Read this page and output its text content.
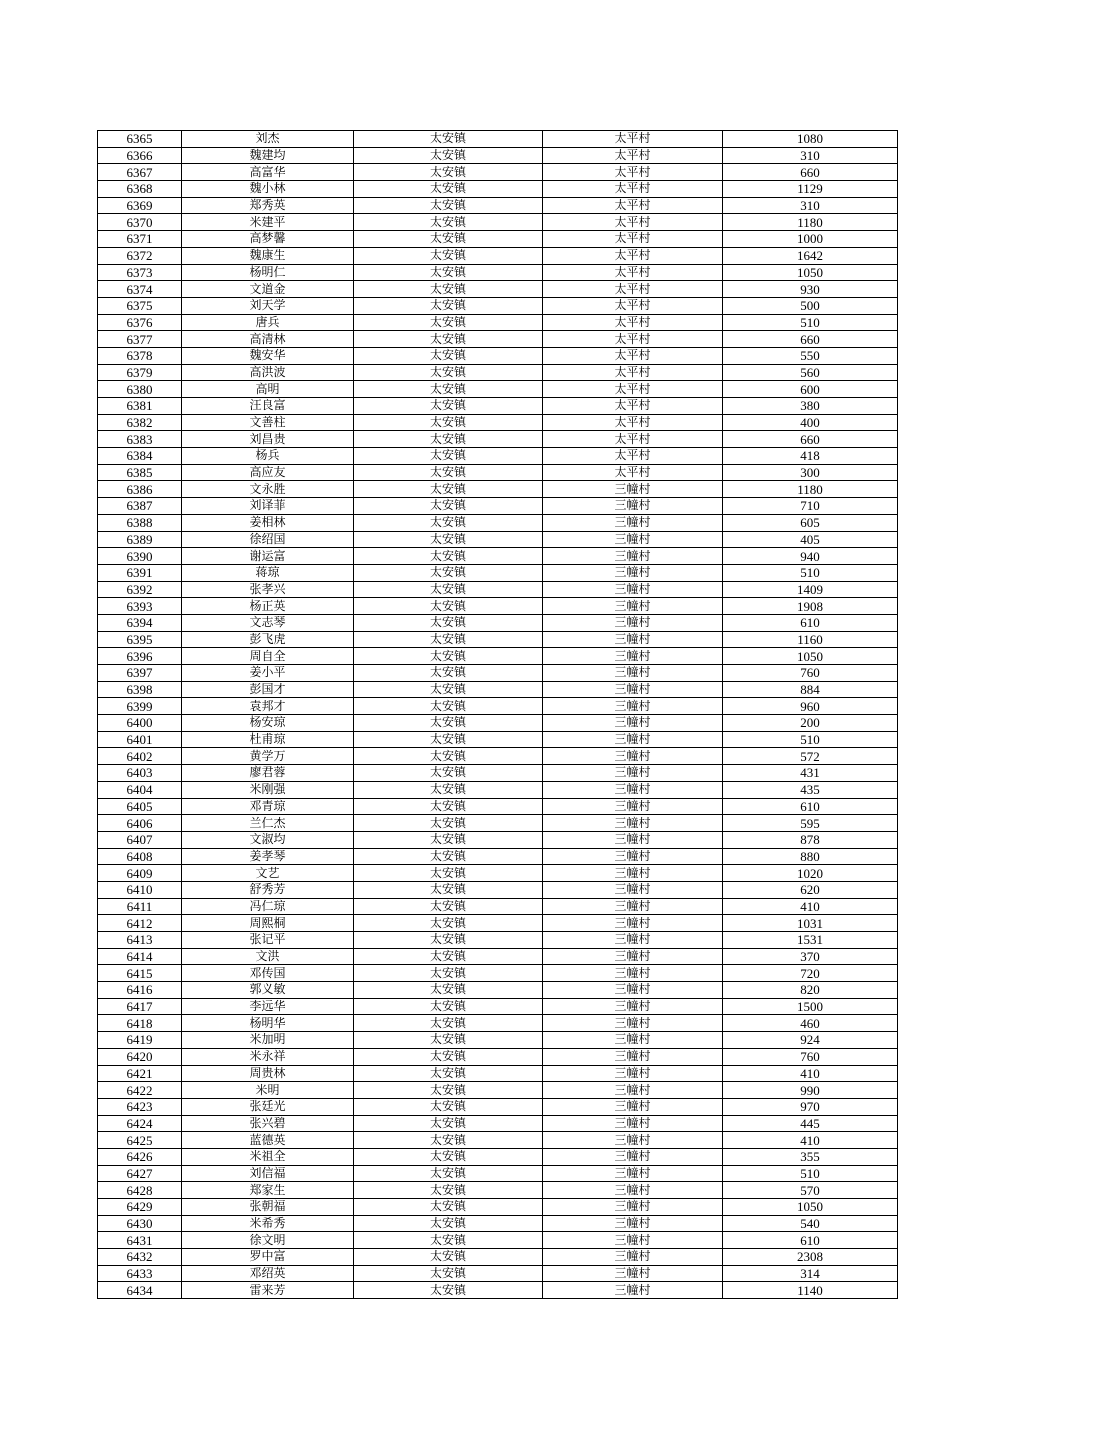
6365	刘杰	太安镇	太平村	1080
6366	魏建均	太安镇	太平村	310
6367	高富华	太安镇	太平村	660
6368	魏小林	太安镇	太平村	1129
6369	郑秀英	太安镇	太平村	310
6370	米建平	太安镇	太平村	1180
6371	高梦馨	太安镇	太平村	1000
6372	魏康生	太安镇	太平村	1642
6373	杨明仁	太安镇	太平村	1050
6374	文道金	太安镇	太平村	930
6375	刘天学	太安镇	太平村	500
6376	唐兵	太安镇	太平村	510
6377	高清林	太安镇	太平村	660
6378	魏安华	太安镇	太平村	550
6379	高洪波	太安镇	太平村	560
6380	高明	太安镇	太平村	600
6381	汪良富	太安镇	太平村	380
6382	文善柱	太安镇	太平村	400
6383	刘昌贵	太安镇	太平村	660
6384	杨兵	太安镇	太平村	418
6385	高应友	太安镇	太平村	300
6386	文永胜	太安镇	三幢村	1180
6387	刘译菲	太安镇	三幢村	710
6388	姜相林	太安镇	三幢村	605
6389	徐绍国	太安镇	三幢村	405
6390	谢运富	太安镇	三幢村	940
6391	蒋琼	太安镇	三幢村	510
6392	张孝兴	太安镇	三幢村	1409
6393	杨正英	太安镇	三幢村	1908
6394	文志琴	太安镇	三幢村	610
6395	彭飞虎	太安镇	三幢村	1160
6396	周自全	太安镇	三幢村	1050
6397	姜小平	太安镇	三幢村	760
6398	彭国才	太安镇	三幢村	884
6399	袁邦才	太安镇	三幢村	960
6400	杨安琼	太安镇	三幢村	200
6401	杜甫琼	太安镇	三幢村	510
6402	黄学万	太安镇	三幢村	572
6403	廖君蓉	太安镇	三幢村	431
6404	米刚强	太安镇	三幢村	435
6405	邓青琼	太安镇	三幢村	610
6406	兰仁杰	太安镇	三幢村	595
6407	文淑均	太安镇	三幢村	878
6408	姜孝琴	太安镇	三幢村	880
6409	文艺	太安镇	三幢村	1020
6410	舒秀芳	太安镇	三幢村	620
6411	冯仁琼	太安镇	三幢村	410
6412	周熙桐	太安镇	三幢村	1031
6413	张记平	太安镇	三幢村	1531
6414	文洪	太安镇	三幢村	370
6415	邓传国	太安镇	三幢村	720
6416	郭义敏	太安镇	三幢村	820
6417	李远华	太安镇	三幢村	1500
6418	杨明华	太安镇	三幢村	460
6419	米加明	太安镇	三幢村	924
6420	米永祥	太安镇	三幢村	760
6421	周贵林	太安镇	三幢村	410
6422	米明	太安镇	三幢村	990
6423	张廷光	太安镇	三幢村	970
6424	张兴碧	太安镇	三幢村	445
6425	蓝德英	太安镇	三幢村	410
6426	米祖全	太安镇	三幢村	355
6427	刘信福	太安镇	三幢村	510
6428	郑家生	太安镇	三幢村	570
6429	张朝福	太安镇	三幢村	1050
6430	米希秀	太安镇	三幢村	540
6431	徐文明	太安镇	三幢村	610
6432	罗中富	太安镇	三幢村	2308
6433	邓绍英	太安镇	三幢村	314
6434	雷来芳	太安镇	三幢村	1140
